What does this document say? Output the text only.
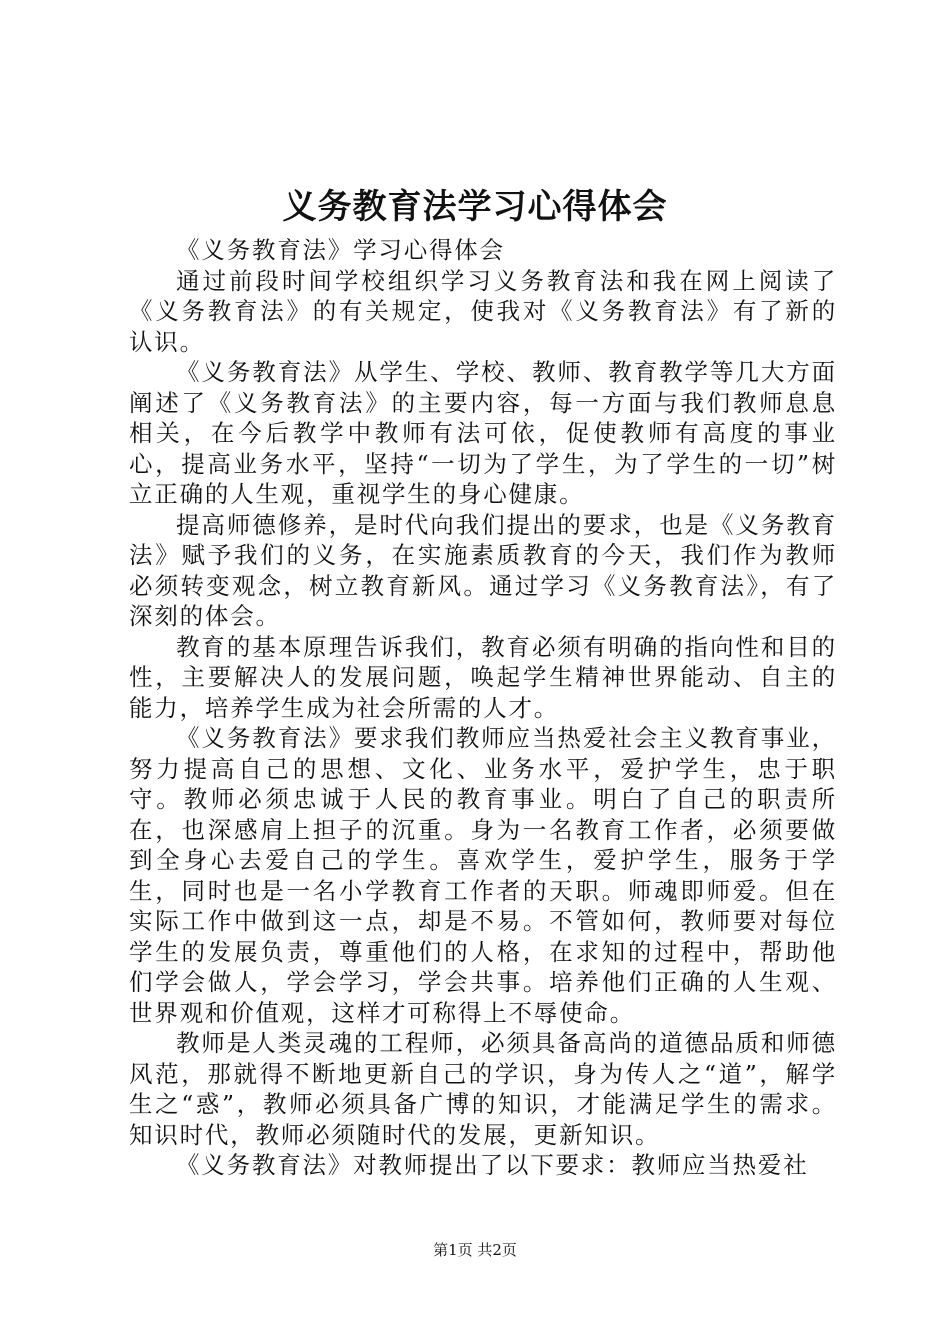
义务教育法学习心得体会

《义务教育法》学习心得体会

通过前段时间学校组织学习义务教育法和我在网上阅读了《义务教育法》的有关规定，使我对《义务教育法》有了新的认识。

《义务教育法》从学生、学校、教师、教育教学等几大方面阐述了《义务教育法》的主要内容，每一方面与我们教师息息相关，在今后教学中教师有法可依，促使教师有高度的事业心，提高业务水平，坚持“一切为了学生，为了学生的一切”树立正确的人生观，重视学生的身心健康。

提高师德修养，是时代向我们提出的要求，也是《义务教育法》赋予我们的义务，在实施素质教育的今天，我们作为教师必须转变观念，树立教育新风。通过学习《义务教育法》，有了深刻的体会。

教育的基本原理告诉我们，教育必须有明确的指向性和目的性，主要解决人的发展问题，唤起学生精神世界能动、自主的能力，培养学生成为社会所需的人才。

《义务教育法》要求我们教师应当热爱社会主义教育事业，努力提高自己的思想、文化、业务水平，爱护学生，忠于职守。教师必须忠诚于人民的教育事业。明白了自己的职责所在，也深感肩上担子的沉重。身为一名教育工作者，必须要做到全身心去爱自己的学生。喜欢学生，爱护学生，服务于学生，同时也是一名小学教育工作者的天职。师魂即师爱。但在实际工作中做到这一点，却是不易。不管如何，教师要对每位学生的发展负责，尊重他们的人格，在求知的过程中，帮助他们学会做人，学会学习，学会共事。培养他们正确的人生观、世界观和价值观，这样才可称得上不辱使命。

教师是人类灵魂的工程师，必须具备高尚的道德品质和师德风范，那就得不断地更新自己的学识，身为传人之“道”，解学生之“惑”，教师必须具备广博的知识，才能满足学生的需求。知识时代，教师必须随时代的发展，更新知识。

《义务教育法》对教师提出了以下要求：教师应当热爱社

第1页 共2页
